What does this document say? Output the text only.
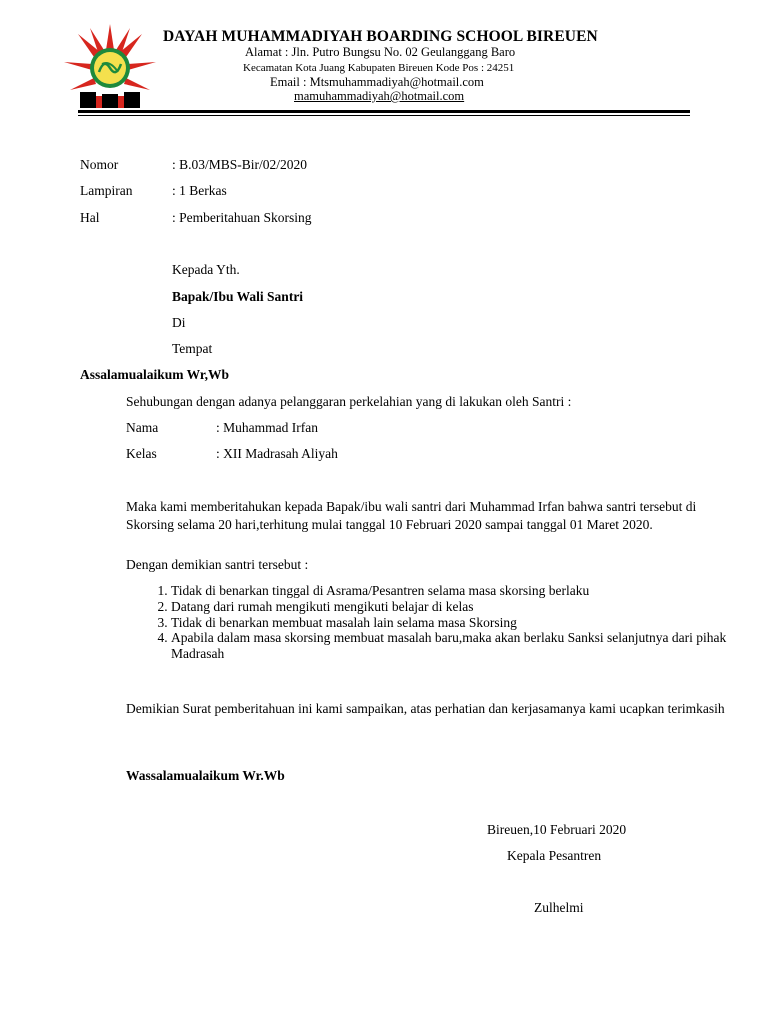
DAYAH MUHAMMADIYAH BOARDING SCHOOL BIREUEN
Alamat : Jln. Putro Bungsu No. 02 Geulanggang Baro
Kecamatan Kota Juang Kabupaten Bireuen Kode Pos : 24251
Email : Mtsmuhammadiyah@hotmail.com
mamuhammadiyah@hotmail.com
Nomor	: B.03/MBS-Bir/02/2020
Lampiran	: 1 Berkas
Hal	: Pemberitahuan Skorsing
Kepada Yth.
Bapak/Ibu Wali Santri
Di
Tempat
Assalamualaikum Wr,Wb
Sehubungan dengan adanya pelanggaran perkelahian yang di lakukan oleh Santri :
Nama	: Muhammad Irfan
Kelas	: XII Madrasah Aliyah
Maka kami memberitahukan kepada Bapak/ibu wali santri dari Muhammad Irfan bahwa santri tersebut di Skorsing selama 20 hari,terhitung mulai tanggal 10 Februari 2020 sampai tanggal 01 Maret 2020.
Dengan demikian santri tersebut :
1. Tidak di benarkan tinggal di Asrama/Pesantren selama masa skorsing berlaku
2. Datang dari rumah mengikuti mengikuti belajar di kelas
3. Tidak di benarkan membuat masalah lain selama masa Skorsing
4. Apabila dalam masa skorsing membuat masalah baru,maka akan berlaku Sanksi selanjutnya dari pihak Madrasah
Demikian Surat pemberitahuan ini kami sampaikan, atas perhatian dan kerjasamanya kami ucapkan terimkasih
Wassalamualaikum Wr.Wb
Bireuen,10 Februari 2020
Kepala Pesantren
Zulhelmi
